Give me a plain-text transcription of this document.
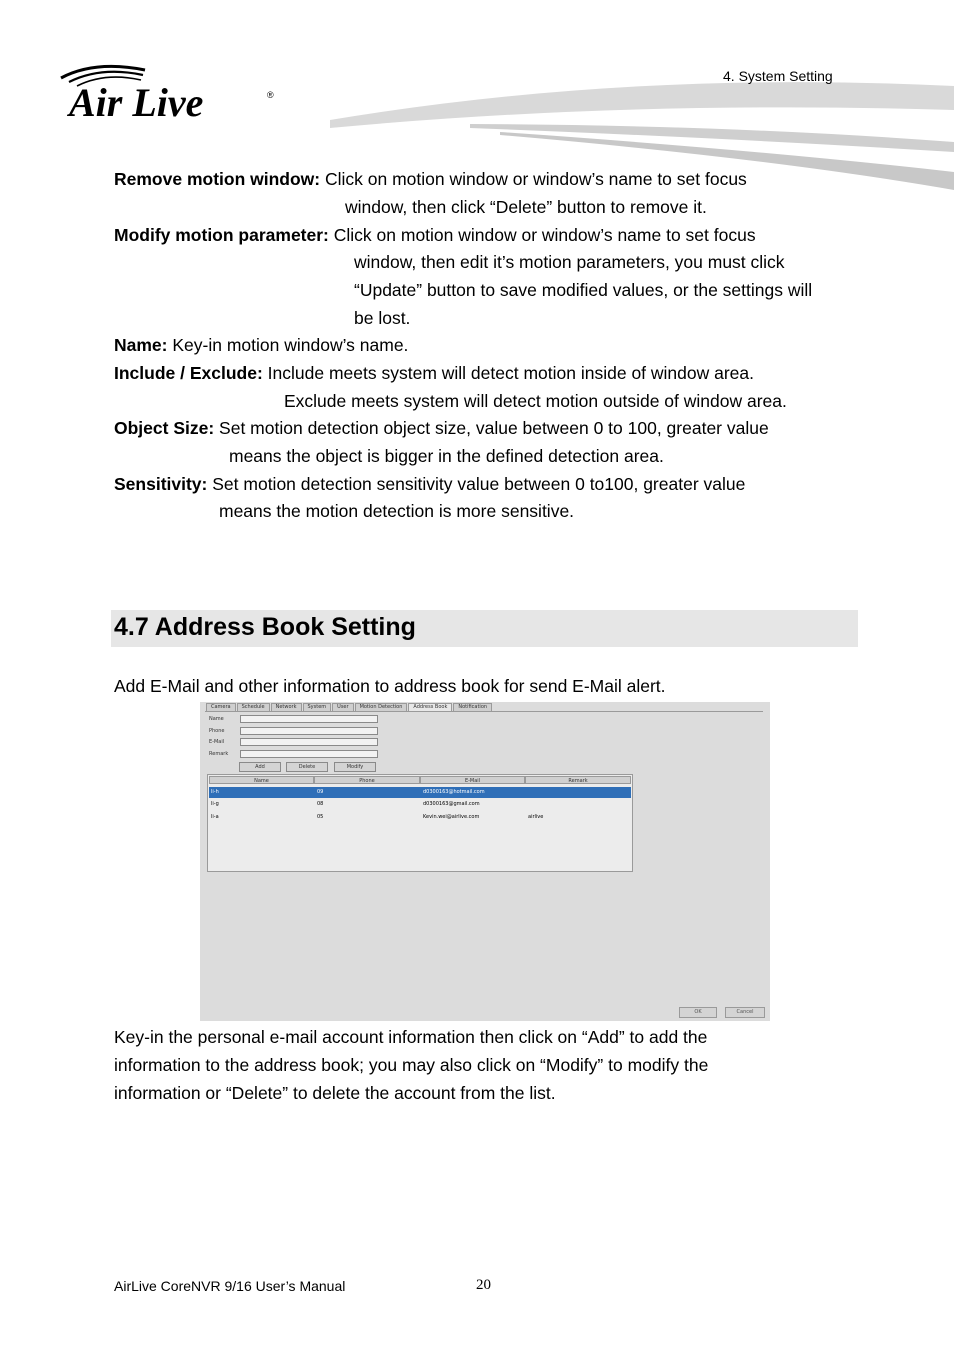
Air Live	®
4. System Setting
Remove motion window: Click on motion window or window’s name to set focus
window, then click “Delete” button to remove it.
Modify motion parameter: Click on motion window or window’s name to set focus
window, then edit it’s motion parameters, you must click
“Update” button to save modified values, or the settings will
be lost.
Name: Key-in motion window’s name.
Include / Exclude: Include meets system will detect motion inside of window area.
Exclude meets system will detect motion outside of window area.
Object Size: Set motion detection object size, value between 0 to 100, greater value
means the object is bigger in the defined detection area.
Sensitivity: Set motion detection sensitivity value between 0 to100, greater value
means the motion detection is more sensitive.
4.7 Address Book Setting
Add E-Mail and other information to address book for send E-Mail alert.
Camera	Schedule	Network	System	User	Motion Detection	Address Book	Notification
Name
Phone
E-Mail
Remark
Add	Delete	Modify
Name	Phone	E-Mail	Remark
li-h	09	d0300163@hotmail.com
li-g	08	d0300163@gmail.com
li-a	05	Kevin.wei@airlive.com	airlive
OK	Cancel
Key-in the personal e-mail account information then click on “Add” to add the
information to the address book; you may also click on “Modify” to modify the
information or “Delete” to delete the account from the list.
AirLive CoreNVR 9/16 User’s Manual	20
